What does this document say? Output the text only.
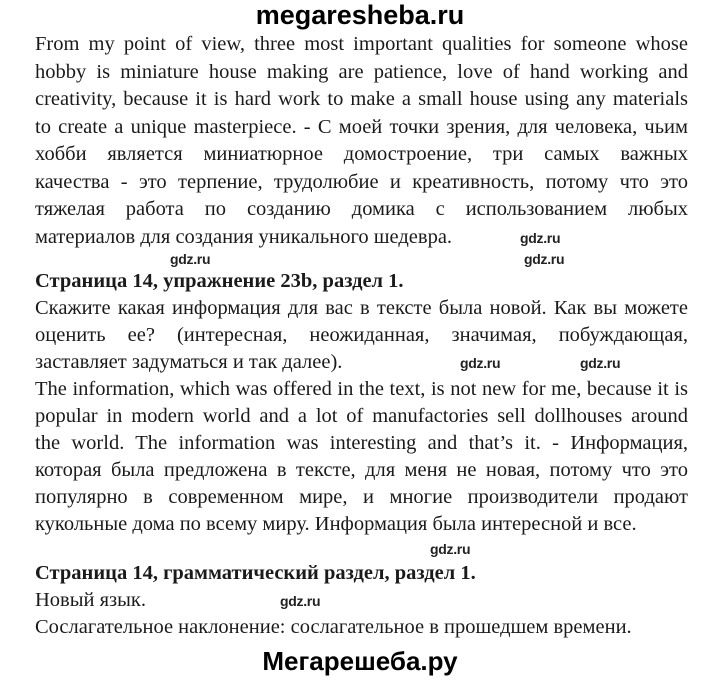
megaresheba.ru
From my point of view, three most important qualities for someone whose
hobby is miniature house making are patience, love of hand working and
creativity, because it is hard work to make a small house using any materials
to create a unique masterpiece. - С моей точки зрения, для человека, чьим
хобби является миниатюрное домостроение, три самых важных
качества - это терпение, трудолюбие и креативность, потому что это
тяжелая работа по созданию домика с использованием любых
материалов для создания уникального шедевра.
Страница 14, упражнение 23b, раздел 1.
Скажите какая информация для вас в тексте была новой. Как вы можете
оценить ее? (интересная, неожиданная, значимая, побуждающая,
заставляет задуматься и так далее).
The information, which was offered in the text, is not new for me, because it is
popular in modern world and a lot of manufactories sell dollhouses around
the world. The information was interesting and that’s it. - Информация,
которая была предложена в тексте, для меня не новая, потому что это
популярно в современном мире, и многие производители продают
кукольные дома по всему миру. Информация была интересной и все.
Страница 14, грамматический раздел, раздел 1.
Новый язык.
Сослагательное наклонение: сослагательное в прошедшем времени.
gdz.ru
gdz.ru
gdz.ru
gdz.ru
gdz.ru
gdz.ru
gdz.ru
Мегарешеба.ру
